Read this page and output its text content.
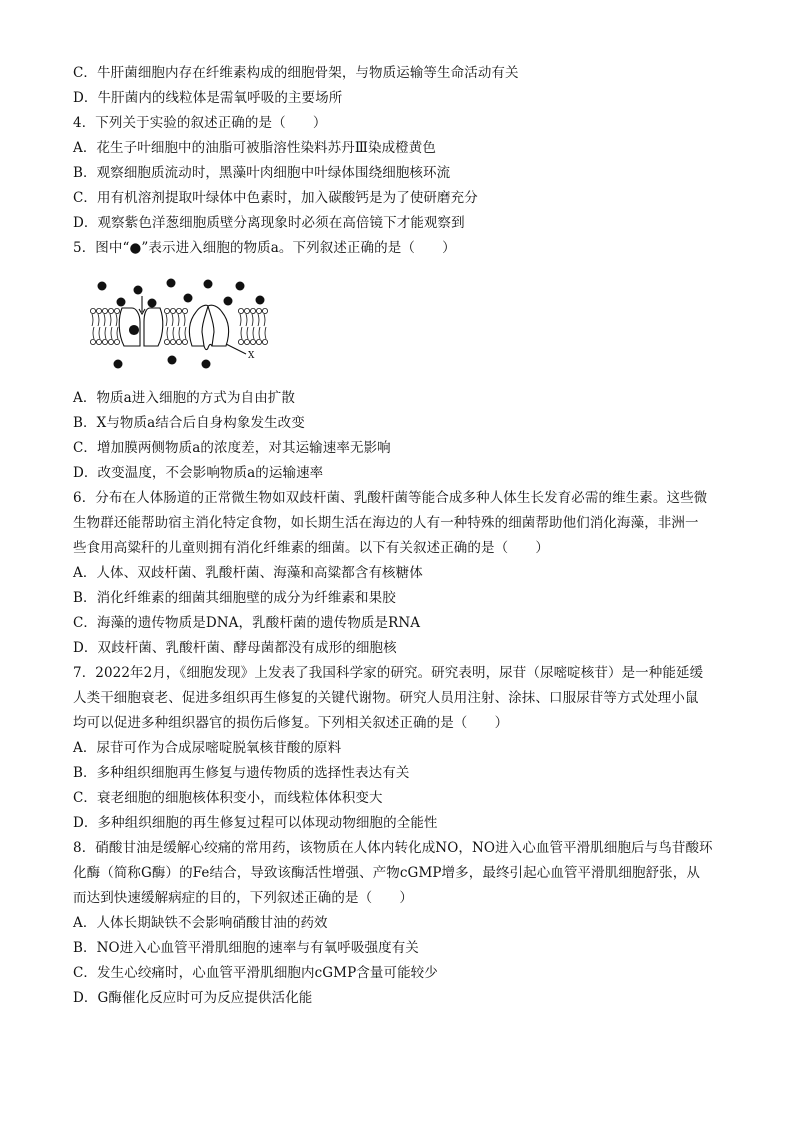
C．牛肝菌细胞内存在纤维素构成的细胞骨架，与物质运输等生命活动有关
D．牛肝菌内的线粒体是需氧呼吸的主要场所
4．下列关于实验的叙述正确的是（　　）
A．花生子叶细胞中的油脂可被脂溶性染料苏丹Ⅲ染成橙黄色
B．观察细胞质流动时，黑藻叶肉细胞中叶绿体围绕细胞核环流
C．用有机溶剂提取叶绿体中色素时，加入碳酸钙是为了使研磨充分
D．观察紫色洋葱细胞质壁分离现象时必须在高倍镜下才能观察到
5．图中“●”表示进入细胞的物质a。下列叙述正确的是（　　）
X
A．物质a进入细胞的方式为自由扩散
B．X与物质a结合后自身构象发生改变
C．增加膜两侧物质a的浓度差，对其运输速率无影响
D．改变温度，不会影响物质a的运输速率
6．分布在人体肠道的正常微生物如双歧杆菌、乳酸杆菌等能合成多种人体生长发育必需的维生素。这些微
生物群还能帮助宿主消化特定食物，如长期生活在海边的人有一种特殊的细菌帮助他们消化海藻，非洲一
些食用高粱秆的儿童则拥有消化纤维素的细菌。以下有关叙述正确的是（　　）
A．人体、双歧杆菌、乳酸杆菌、海藻和高粱都含有核糖体
B．消化纤维素的细菌其细胞壁的成分为纤维素和果胶
C．海藻的遗传物质是DNA，乳酸杆菌的遗传物质是RNA
D．双歧杆菌、乳酸杆菌、酵母菌都没有成形的细胞核
7．2022年2月，《细胞发现》上发表了我国科学家的研究。研究表明，尿苷（尿嘧啶核苷）是一种能延缓
人类干细胞衰老、促进多组织再生修复的关键代谢物。研究人员用注射、涂抹、口服尿苷等方式处理小鼠
均可以促进多种组织器官的损伤后修复。下列相关叙述正确的是（　　）
A．尿苷可作为合成尿嘧啶脱氧核苷酸的原料
B．多种组织细胞再生修复与遗传物质的选择性表达有关
C．衰老细胞的细胞核体积变小，而线粒体体积变大
D．多种组织细胞的再生修复过程可以体现动物细胞的全能性
8．硝酸甘油是缓解心绞痛的常用药，该物质在人体内转化成NO，NO进入心血管平滑肌细胞后与鸟苷酸环
化酶（简称G酶）的Fe结合，导致该酶活性增强、产物cGMP增多，最终引起心血管平滑肌细胞舒张，从
而达到快速缓解病症的目的，下列叙述正确的是（　　）
A．人体长期缺铁不会影响硝酸甘油的药效
B．NO进入心血管平滑肌细胞的速率与有氧呼吸强度有关
C．发生心绞痛时，心血管平滑肌细胞内cGMP含量可能较少
D．G酶催化反应时可为反应提供活化能
